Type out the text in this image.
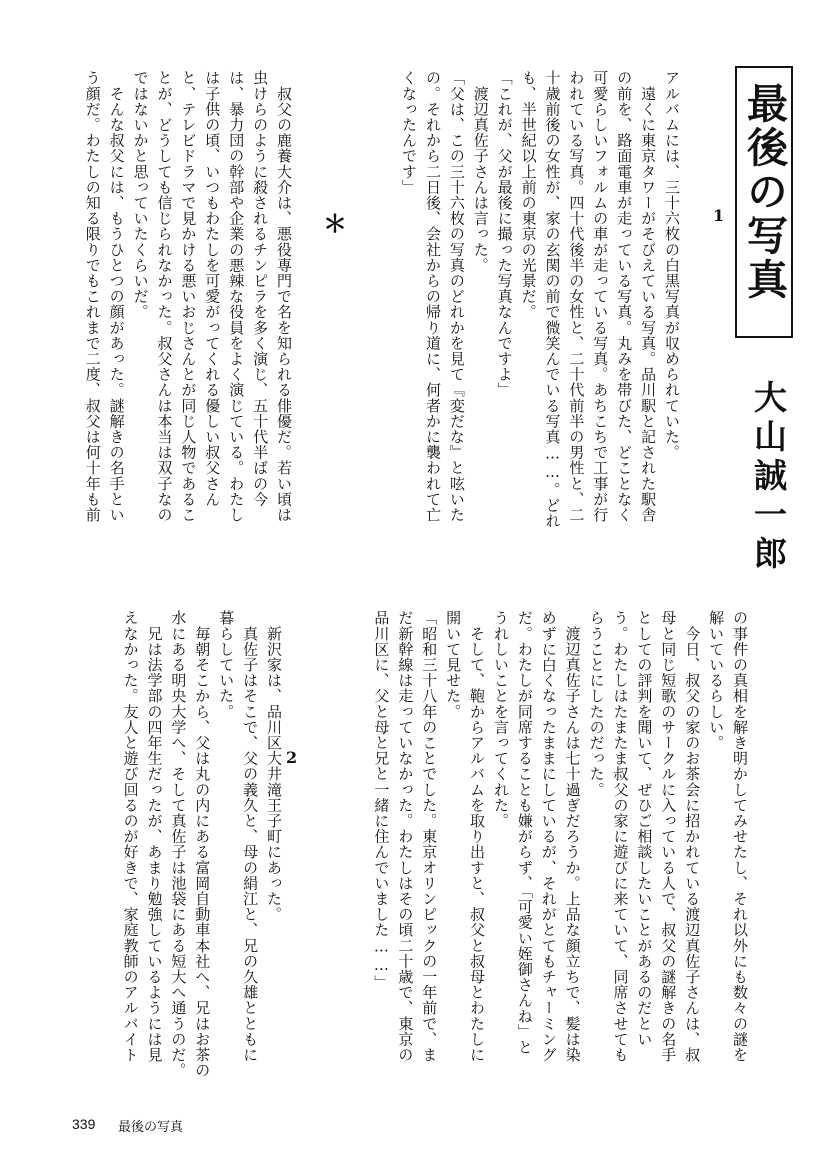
最後の写真
大山誠一郎
1
アルバムには、三十六枚の白黒写真が収められていた。
　遠くに東京タワーがそびえている写真。品川駅と記された駅舎
の前を、路面電車が走っている写真。丸みを帯びた、どことなく
可愛らしいフォルムの車が走っている写真。あちこちで工事が行
われている写真。四十代後半の女性と、二十代前半の男性と、二
十歳前後の女性が、家の玄関の前で微笑んでいる写真……。どれ
も、半世紀以上前の東京の光景だ。
「これが、父が最後に撮った写真なんですよ」
　渡辺真佐子さんは言った。
「父は、この三十六枚の写真のどれかを見て『変だな』と呟いた
の。それから二日後、会社からの帰り道に、何者かに襲われて亡
くなったんです」
＊
　叔父の鹿養大介は、悪役専門で名を知られる俳優だ。若い頃は
虫けらのように殺されるチンピラを多く演じ、五十代半ばの今
は、暴力団の幹部や企業の悪辣な役員をよく演じている。わたし
は子供の頃、いつもわたしを可愛がってくれる優しい叔父さん
と、テレビドラマで見かける悪いおじさんとが同じ人物であるこ
とが、どうしても信じられなかった。叔父さんは本当は双子なの
ではないかと思っていたくらいだ。
　そんな叔父には、もうひとつの顔があった。謎解きの名手とい
う顔だ。わたしの知る限りでもこれまで二度、叔父は何十年も前
の事件の真相を解き明かしてみせたし、それ以外にも数々の謎を
解いているらしい。
　今日、叔父の家のお茶会に招かれている渡辺真佐子さんは、叔
母と同じ短歌のサークルに入っている人で、叔父の謎解きの名手
としての評判を聞いて、ぜひご相談したいことがあるのだとい
う。わたしはたまたま叔父の家に遊びに来ていて、同席させても
らうことにしたのだった。
　渡辺真佐子さんは七十過ぎだろうか。上品な顔立ちで、髪は染
めずに白くなったままにしているが、それがとてもチャーミング
だ。わたしが同席することも嫌がらず、「可愛い姪御さんね」と
うれしいことを言ってくれた。
　そして、鞄からアルバムを取り出すと、叔父と叔母とわたしに
開いて見せた。
「昭和三十八年のことでした。東京オリンピックの一年前で、ま
だ新幹線は走っていなかった。わたしはその頃二十歳で、東京の
品川区に、父と母と兄と一緒に住んでいました……」
2
　新沢家は、品川区大井滝王子町にあった。
　真佐子はそこで、父の義久と、母の絹江と、兄の久雄とともに
暮らしていた。
　毎朝そこから、父は丸の内にある富岡自動車本社へ、兄はお茶の
水にある明央大学へ、そして真佐子は池袋にある短大へ通うのだ。
　兄は法学部の四年生だったが、あまり勉強しているようには見
えなかった。友人と遊び回るのが好きで、家庭教師のアルバイト
339 最後の写真
